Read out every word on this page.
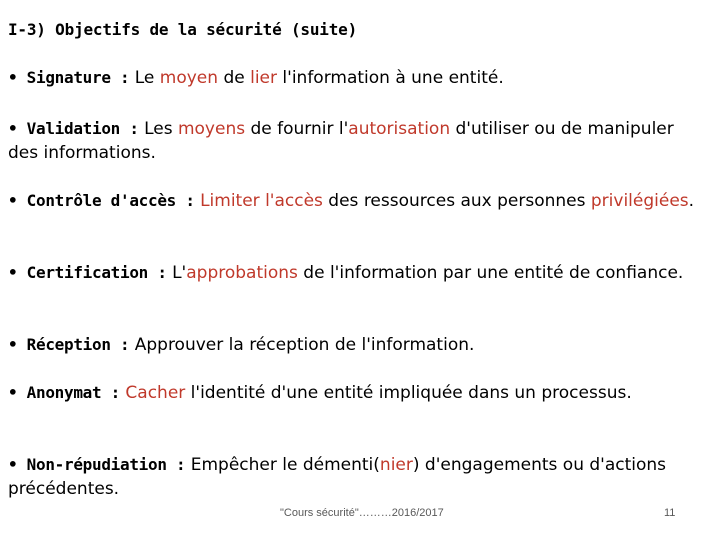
I-3) Objectifs de la sécurité (suite)
• Signature : Le moyen de lier l'information à une entité.
• Validation : Les moyens de fournir l'autorisation d'utiliser ou de manipuler des informations.
• Contrôle d'accès : Limiter l'accès des ressources aux personnes privilégiées.
• Certification : L'approbations de l'information par une entité de confiance.
• Réception : Approuver la réception de l'information.
• Anonymat : Cacher l'identité d'une entité impliquée dans un processus.
• Non-répudiation : Empêcher le démenti(nier) d'engagements ou d'actions précédentes.
"Cours sécurité"………2016/2017	11
